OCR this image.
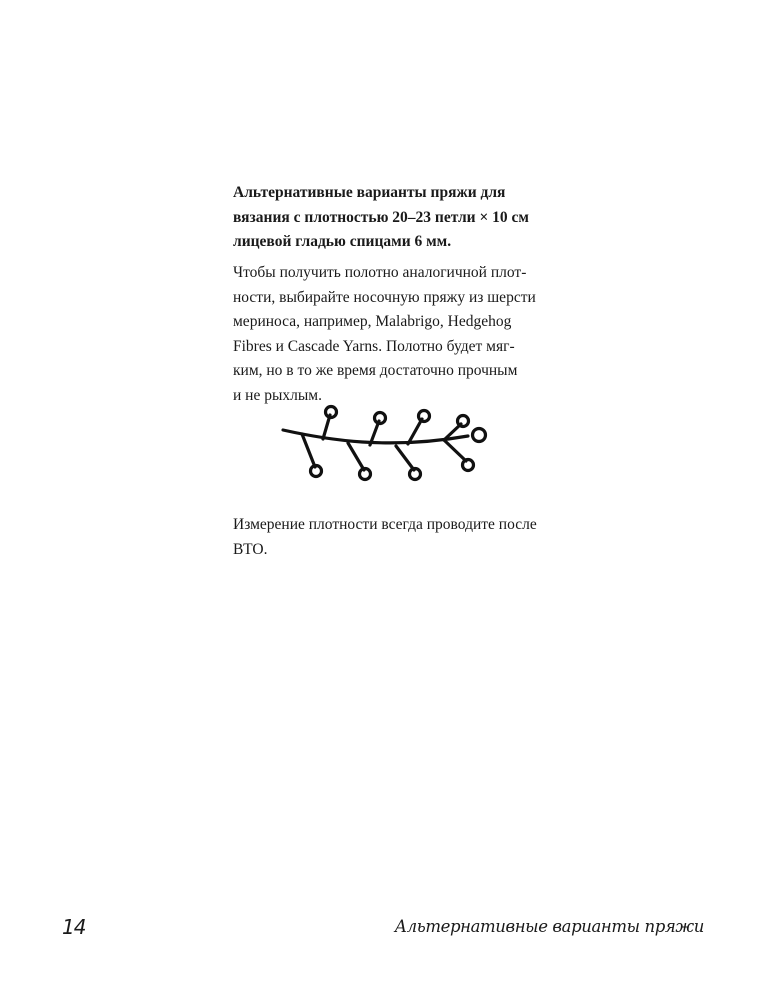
Альтернативные варианты пряжи для
вязания с плотностью 20–23 петли × 10 см
лицевой гладью спицами 6 мм.

Чтобы получить полотно аналогичной плот-
ности, выбирайте носочную пряжу из шерсти
мериноса, например, Malabrigo, Hedgehog
Fibres и Cascade Yarns. Полотно будет мяг-
ким, но в то же время достаточно прочным
и не рыхлым.

Измерение плотности всегда проводите после
ВТО.

14	Альтернативные варианты пряжи
